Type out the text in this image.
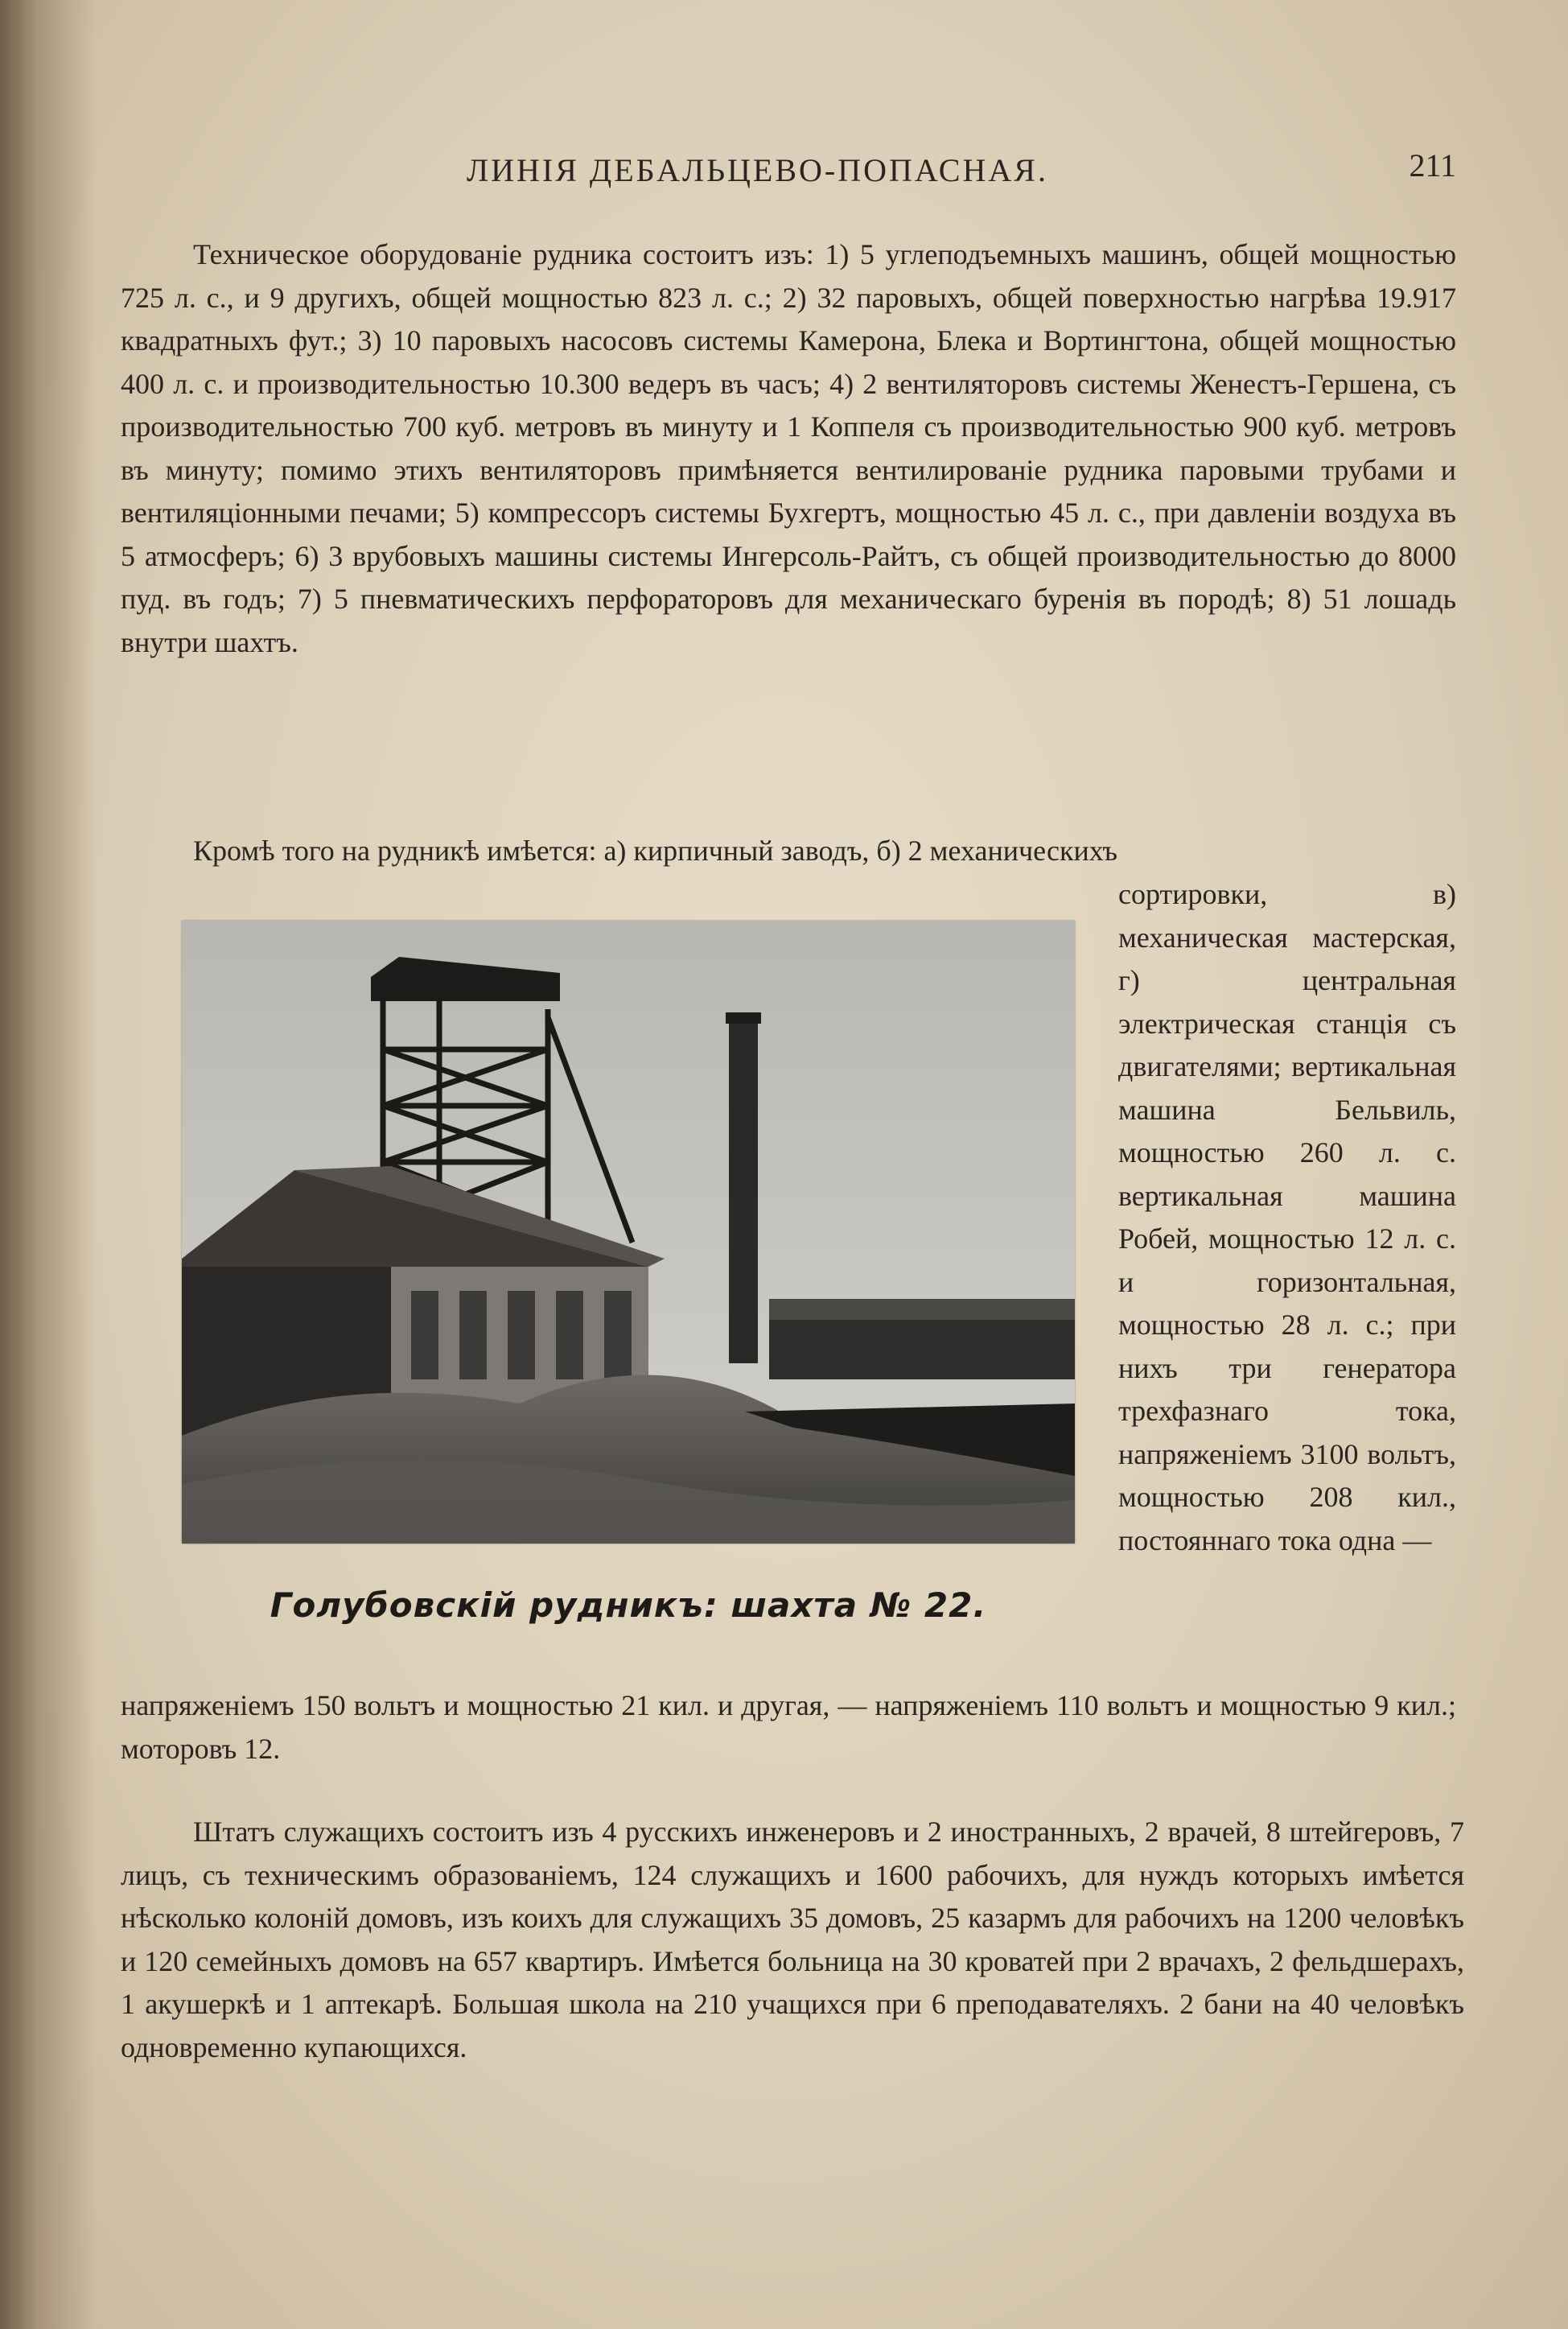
ЛИНІЯ ДЕБАЛЬЦЕВО-ПОПАСНАЯ.	211

Техническое оборудованіе рудника состоитъ изъ: 1) 5 углеподъемныхъ машинъ, общей мощностью 725 л. с., и 9 другихъ, общей мощностью 823 л. с.; 2) 32 паровыхъ, общей поверхностью нагрѣва 19.917 квадратныхъ фут.; 3) 10 паровыхъ насосовъ системы Камерона, Блека и Вортингтона, общей мощностью 400 л. с. и производительностью 10.300 ведеръ въ часъ; 4) 2 вентиляторовъ системы Женестъ-Гершена, съ производительностью 700 куб. метровъ въ минуту и 1 Коппеля съ производительностью 900 куб. метровъ въ минуту; помимо этихъ вентиляторовъ примѣняется вентилированіе рудника паровыми трубами и вентиляціонными печами; 5) компрессоръ системы Бухгертъ, мощностью 45 л. с., при давленіи воздуха въ 5 атмосферъ; 6) 3 врубовыхъ машины системы Ингерсоль-Райтъ, съ общей производительностью до 8000 пуд. въ годъ; 7) 5 пневматическихъ перфораторовъ для механическаго буренія въ породѣ; 8) 51 лошадь внутри шахтъ.

Кромѣ того на рудникѣ имѣется: а) кирпичный заводъ, б) 2 механическихъ

Голубовскій рудникъ: шахта № 22.

сортировки, в) механическая мастерская, г) центральная электрическая станція съ двигателями; вертикальная машина Бельвиль, мощностью 260 л. с. вертикальная машина Робей, мощностью 12 л. с. и горизонтальная, мощностью 28 л. с.; при нихъ три генератора трехфазнаго тока, напряженіемъ 3100 вольтъ, мощностью 208 кил., постояннаго тока одна —

напряженіемъ 150 вольтъ и мощностью 21 кил. и другая, — напряженіемъ 110 вольтъ и мощностью 9 кил.; моторовъ 12.

Штатъ служащихъ состоитъ изъ 4 русскихъ инженеровъ и 2 иностранныхъ, 2 врачей, 8 штейгеровъ, 7 лицъ, съ техническимъ образованіемъ, 124 служащихъ и 1600 рабочихъ, для нуждъ которыхъ имѣется нѣсколько колоній домовъ, изъ коихъ для служащихъ 35 домовъ, 25 казармъ для рабочихъ на 1200 человѣкъ и 120 семейныхъ домовъ на 657 квартиръ. Имѣется больница на 30 кроватей при 2 врачахъ, 2 фельдшерахъ, 1 акушеркѣ и 1 аптекарѣ. Большая школа на 210 учащихся при 6 преподавателяхъ. 2 бани на 40 человѣкъ одновременно купающихся.
